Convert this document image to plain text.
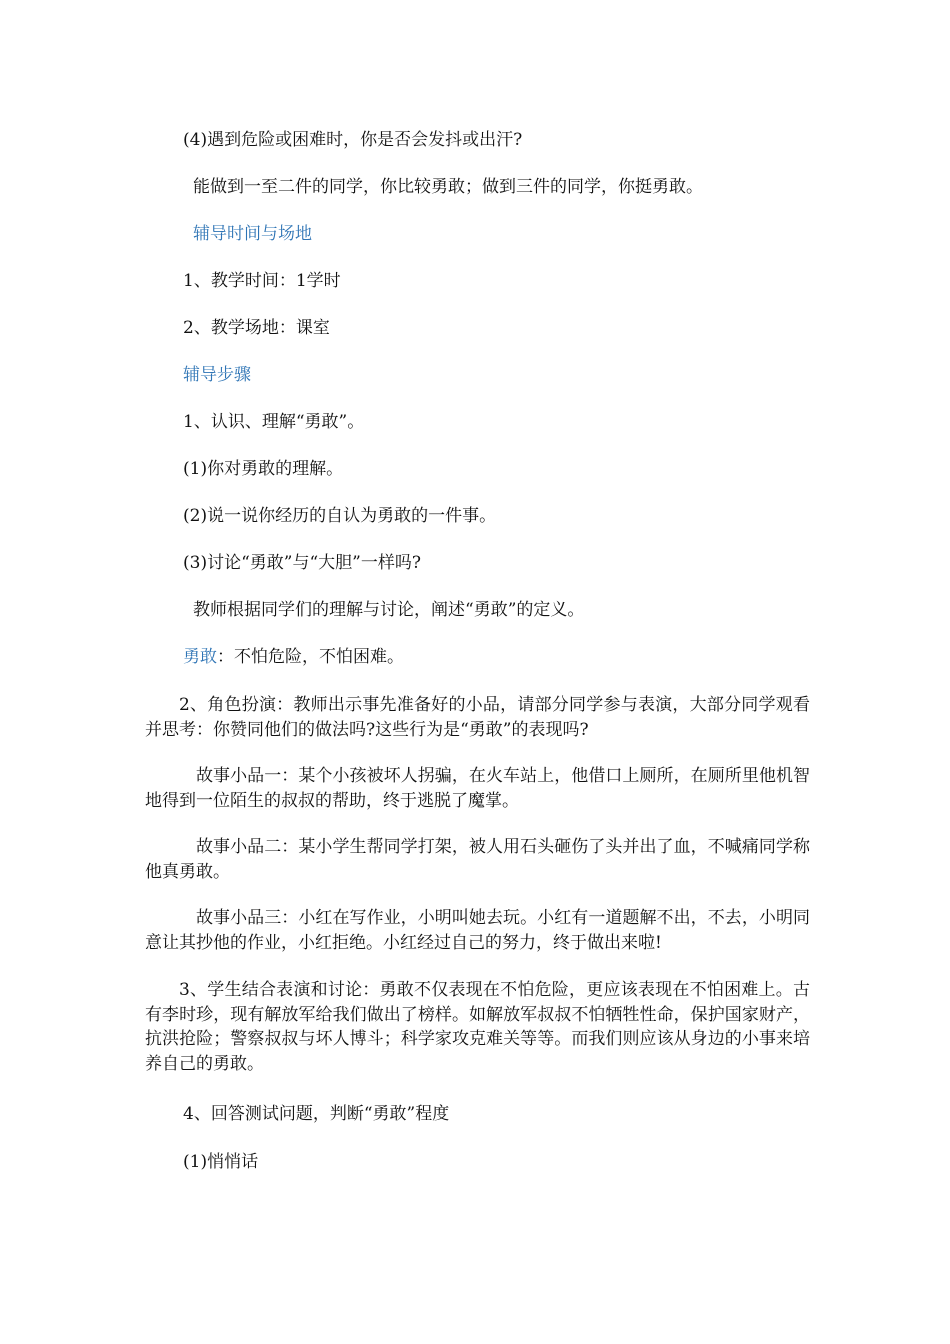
(4)遇到危险或困难时，你是否会发抖或出汗?
能做到一至二件的同学，你比较勇敢；做到三件的同学，你挺勇敢。
辅导时间与场地
1、教学时间：1学时
2、教学场地：课室
辅导步骤
1、认识、理解“勇敢”。
(1)你对勇敢的理解。
(2)说一说你经历的自认为勇敢的一件事。
(3)讨论“勇敢”与“大胆”一样吗?
教师根据同学们的理解与讨论，阐述“勇敢”的定义。
勇敢：不怕危险，不怕困难。
2、角色扮演：教师出示事先准备好的小品，请部分同学参与表演，大部分同学观看并思考：你赞同他们的做法吗?这些行为是“勇敢”的表现吗?
故事小品一：某个小孩被坏人拐骗，在火车站上，他借口上厕所，在厕所里他机智地得到一位陌生的叔叔的帮助，终于逃脱了魔掌。
故事小品二：某小学生帮同学打架，被人用石头砸伤了头并出了血，不喊痛同学称他真勇敢。
故事小品三：小红在写作业，小明叫她去玩。小红有一道题解不出，不去，小明同意让其抄他的作业，小红拒绝。小红经过自己的努力，终于做出来啦!
3、学生结合表演和讨论：勇敢不仅表现在不怕危险，更应该表现在不怕困难上。古有李时珍，现有解放军给我们做出了榜样。如解放军叔叔不怕牺牲性命，保护国家财产，抗洪抢险；警察叔叔与坏人博斗；科学家攻克难关等等。而我们则应该从身边的小事来培养自己的勇敢。
4、回答测试问题，判断“勇敢”程度
(1)悄悄话
